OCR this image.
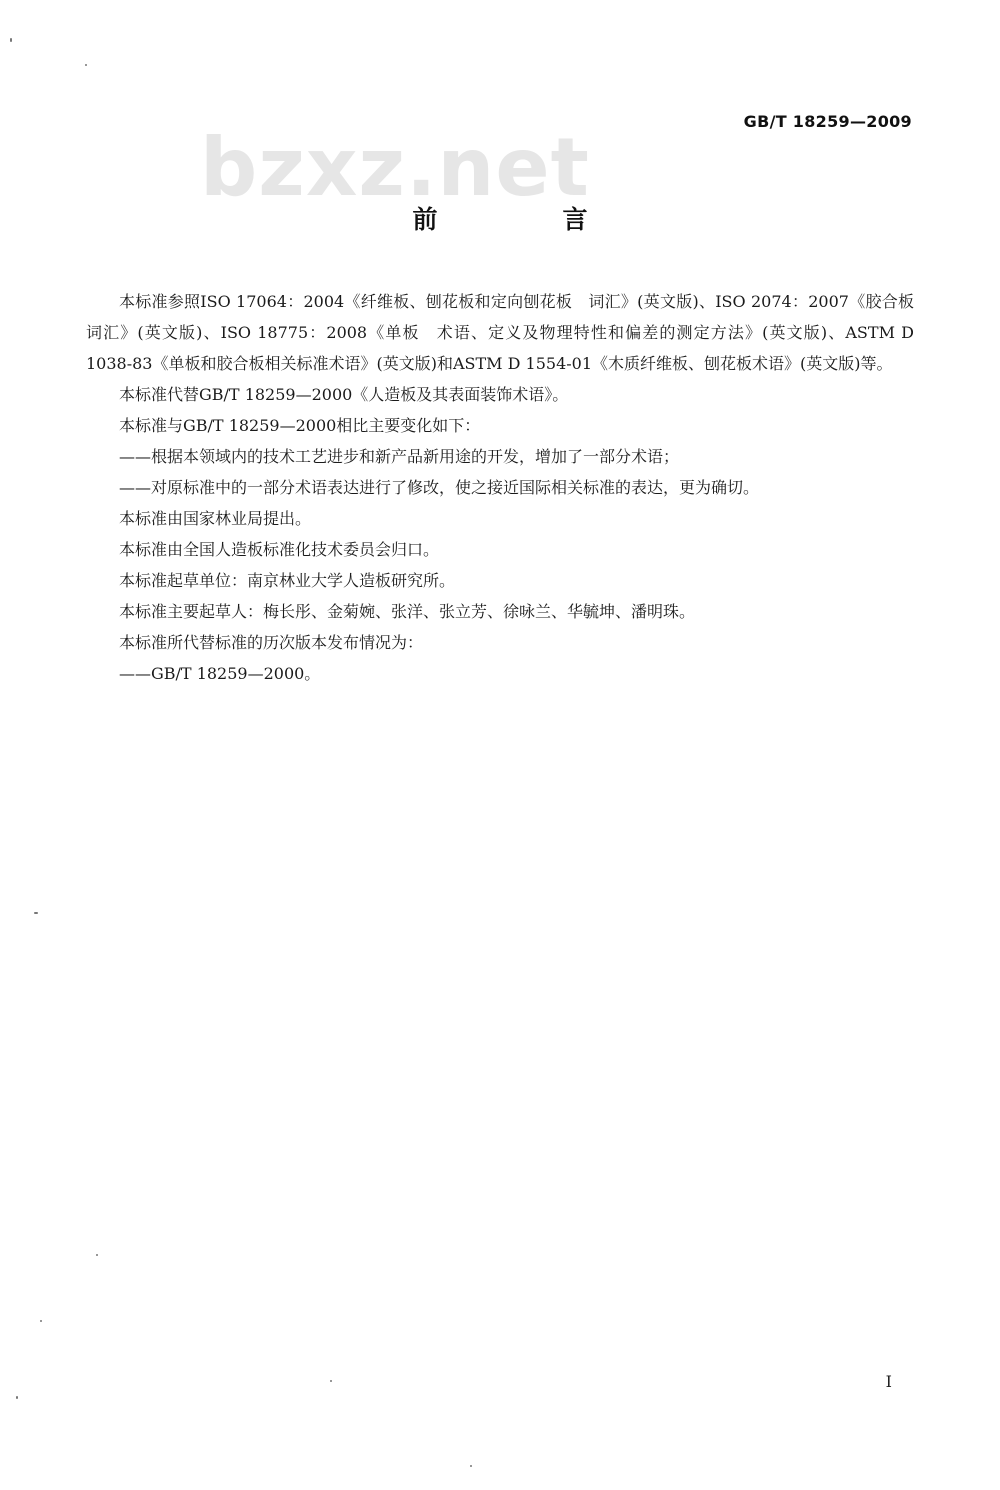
bzxz.net	GB/T 18259—2009
前　言

本标准参照ISO 17064：2004《纤维板、刨花板和定向刨花板　词汇》(英文版)、ISO 2074：2007《胶合板　词汇》(英文版)、ISO 18775：2008《单板　术语、定义及物理特性和偏差的测定方法》(英文版)、ASTM D 1038-83《单板和胶合板相关标准术语》(英文版)和ASTM D 1554-01《木质纤维板、刨花板术语》(英文版)等。

本标准代替GB/T 18259—2000《人造板及其表面装饰术语》。

本标准与GB/T 18259—2000相比主要变化如下：

——根据本领域内的技术工艺进步和新产品新用途的开发，增加了一部分术语；

——对原标准中的一部分术语表达进行了修改，使之接近国际相关标准的表达，更为确切。

本标准由国家林业局提出。

本标准由全国人造板标准化技术委员会归口。

本标准起草单位：南京林业大学人造板研究所。

本标准主要起草人：梅长彤、金菊婉、张洋、张立芳、徐咏兰、华毓坤、潘明珠。

本标准所代替标准的历次版本发布情况为：

——GB/T 18259—2000。

I
